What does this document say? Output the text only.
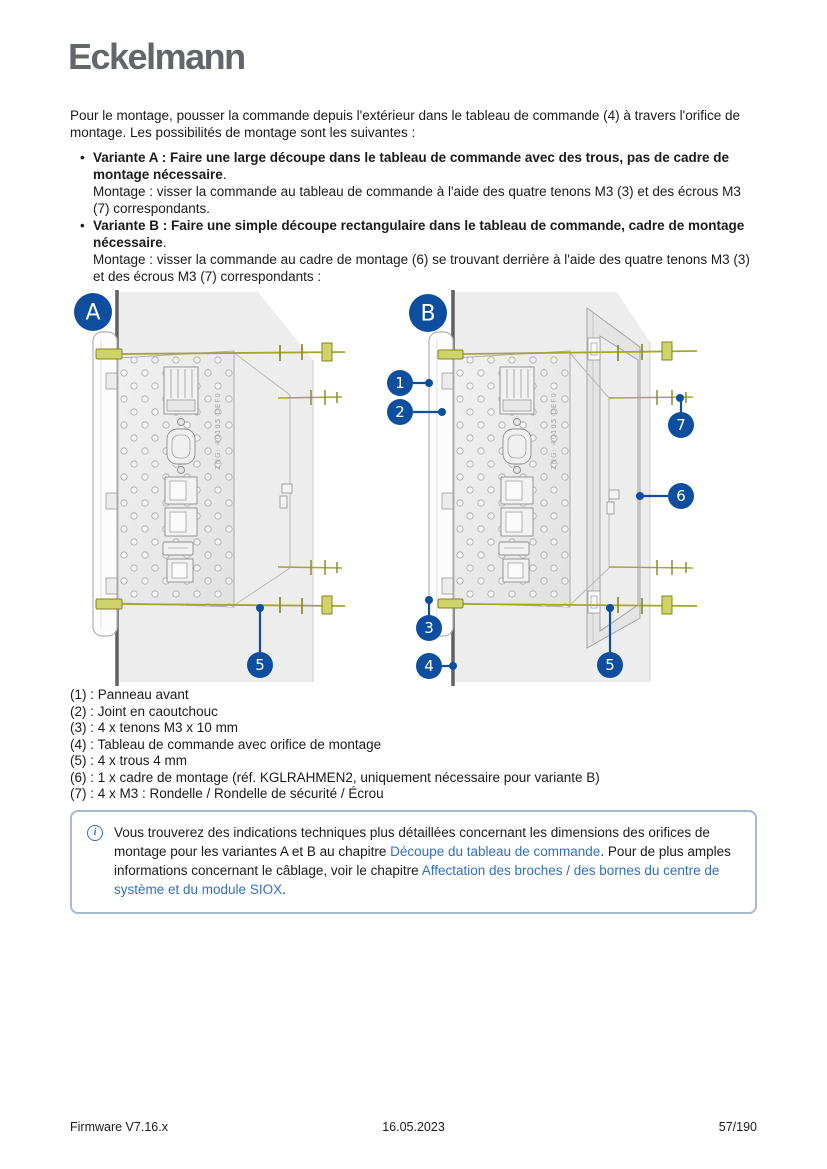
Eckelmann
Pour le montage, pousser la commande depuis l'extérieur dans le tableau de commande (4) à travers l'orifice de montage. Les possibilités de montage sont les suivantes :
•
Variante A : Faire une large découpe dans le tableau de commande avec des trous, pas de cadre de montage nécessaire.
Montage : visser la commande au tableau de commande à l'aide des quatre tenons M3 (3) et des écrous M3 (7) correspondants.
•
Variante B : Faire une simple découpe rectangulaire dans le tableau de commande, cadre de montage nécessaire.
Montage : visser la commande au cadre de montage (6) se trouvant derrière à l'aide des quatre tenons M3 (3) et des écrous M3 (7) correspondants :
5
A
1
2
3
4	5
6
7
B
(1) : Panneau avant
(2) : Joint en caoutchouc
(3) : 4 x tenons M3 x 10 mm
(4) : Tableau de commande avec orifice de montage
(5) : 4 x trous 4 mm
(6) : 1 x cadre de montage (réf. KGLRAHMEN2, uniquement nécessaire pour variante B)
(7) : 4 x M3 : Rondelle / Rondelle de sécurité / Écrou
i	Vous trouverez des indications techniques plus détaillées concernant les dimensions des orifices de montage pour les variantes A et B au chapitre Découpe du tableau de commande. Pour de plus amples informations concernant le câblage, voir le chapitre Affectation des broches / des bornes du centre de système et du module SIOX.
Firmware V7.16.x	16.05.2023	57/190
